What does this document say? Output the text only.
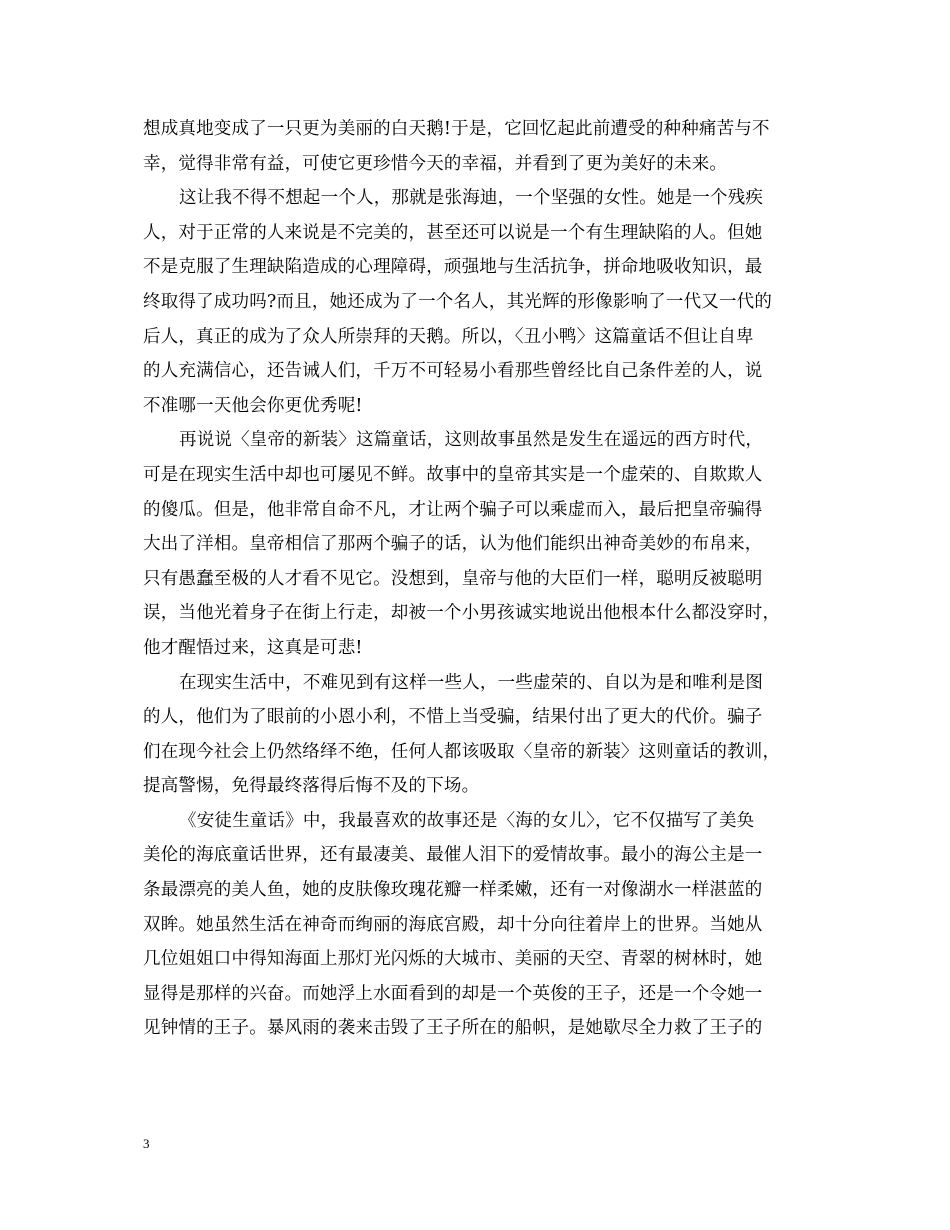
想成真地变成了一只更为美丽的白天鹅!于是，它回忆起此前遭受的种种痛苦与不
幸，觉得非常有益，可使它更珍惜今天的幸福，并看到了更为美好的未来。
这让我不得不想起一个人，那就是张海迪，一个坚强的女性。她是一个残疾
人，对于正常的人来说是不完美的，甚至还可以说是一个有生理缺陷的人。但她
不是克服了生理缺陷造成的心理障碍，顽强地与生活抗争，拼命地吸收知识，最
终取得了成功吗?而且，她还成为了一个名人，其光辉的形像影响了一代又一代的
后人，真正的成为了众人所崇拜的天鹅。所以，〈丑小鸭〉这篇童话不但让自卑
的人充满信心，还告诫人们，千万不可轻易小看那些曾经比自己条件差的人，说
不准哪一天他会你更优秀呢!
再说说〈皇帝的新装〉这篇童话，这则故事虽然是发生在遥远的西方时代，
可是在现实生活中却也可屡见不鲜。故事中的皇帝其实是一个虚荣的、自欺欺人
的傻瓜。但是，他非常自命不凡，才让两个骗子可以乘虚而入，最后把皇帝骗得
大出了洋相。皇帝相信了那两个骗子的话，认为他们能织出神奇美妙的布帛来，
只有愚蠢至极的人才看不见它。没想到，皇帝与他的大臣们一样，聪明反被聪明
误，当他光着身子在街上行走，却被一个小男孩诚实地说出他根本什么都没穿时，
他才醒悟过来，这真是可悲!
在现实生活中，不难见到有这样一些人，一些虚荣的、自以为是和唯利是图
的人，他们为了眼前的小恩小利，不惜上当受骗，结果付出了更大的代价。骗子
们在现今社会上仍然络绎不绝，任何人都该吸取〈皇帝的新装〉这则童话的教训，
提高警惕，免得最终落得后悔不及的下场。
《安徒生童话》中，我最喜欢的故事还是〈海的女儿〉，它不仅描写了美奂
美伦的海底童话世界，还有最凄美、最催人泪下的爱情故事。最小的海公主是一
条最漂亮的美人鱼，她的皮肤像玫瑰花瓣一样柔嫩，还有一对像湖水一样湛蓝的
双眸。她虽然生活在神奇而绚丽的海底宫殿，却十分向往着岸上的世界。当她从
几位姐姐口中得知海面上那灯光闪烁的大城市、美丽的天空、青翠的树林时，她
显得是那样的兴奋。而她浮上水面看到的却是一个英俊的王子，还是一个令她一
见钟情的王子。暴风雨的袭来击毁了王子所在的船帜，是她歇尽全力救了王子的
3
